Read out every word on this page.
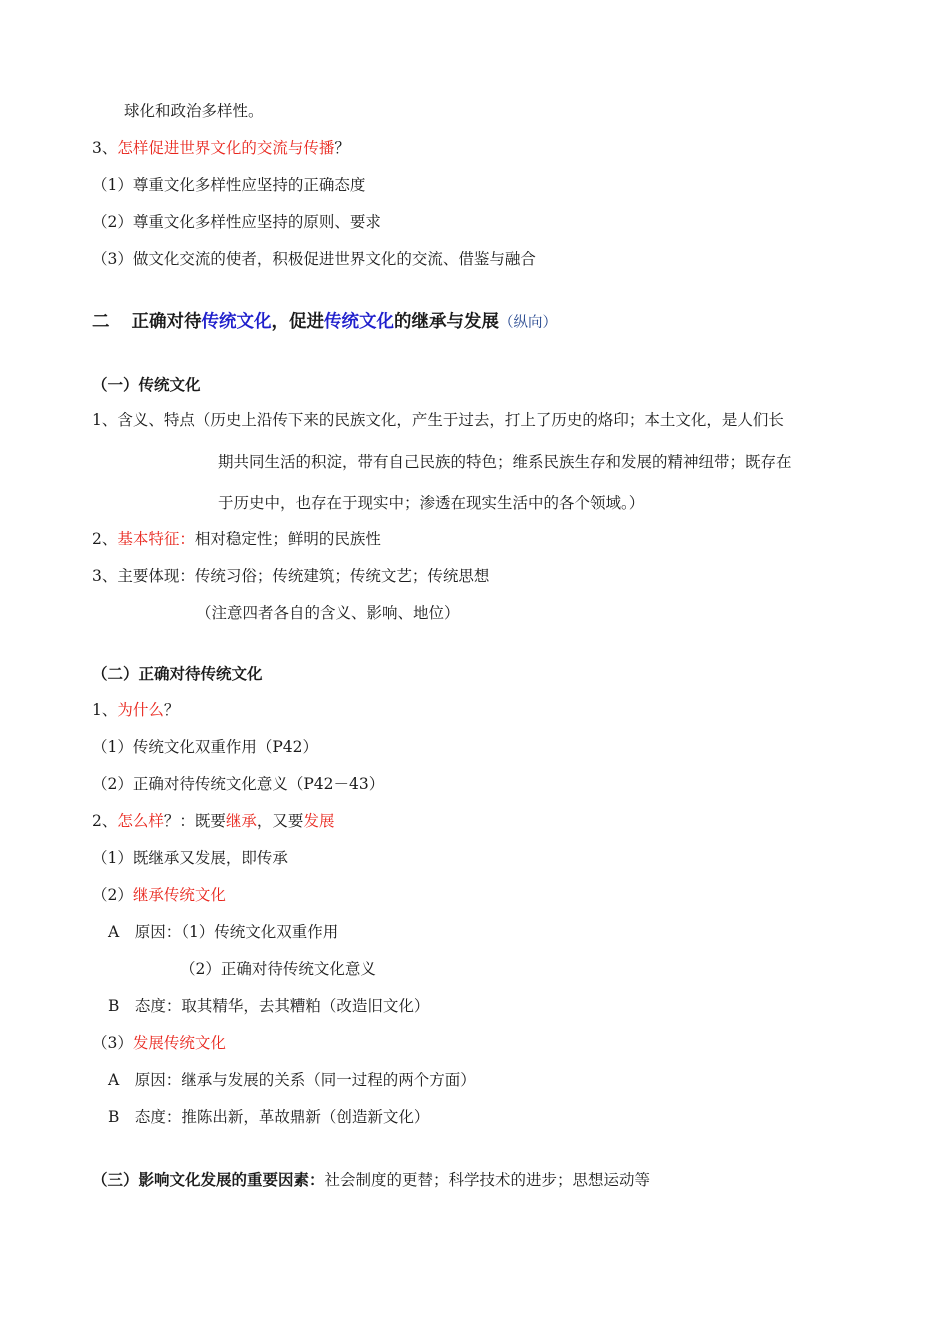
球化和政治多样性。
3、怎样促进世界文化的交流与传播？
（1）尊重文化多样性应坚持的正确态度
（2）尊重文化多样性应坚持的原则、要求
（3）做文化交流的使者，积极促进世界文化的交流、借鉴与融合
二 正确对待传统文化，促进传统文化的继承与发展（纵向）
（一）传统文化
1、含义、特点（历史上沿传下来的民族文化，产生于过去，打上了历史的烙印；本土文化，是人们长
期共同生活的积淀，带有自己民族的特色；维系民族生存和发展的精神纽带；既存在
于历史中，也存在于现实中；渗透在现实生活中的各个领域。）
2、基本特征：相对稳定性；鲜明的民族性
3、主要体现：传统习俗；传统建筑；传统文艺；传统思想
（注意四者各自的含义、影响、地位）
（二）正确对待传统文化
1、为什么？
（1）传统文化双重作用（P42）
（2）正确对待传统文化意义（P42－43）
2、怎么样？：既要继承，又要发展
（1）既继承又发展，即传承
（2）继承传统文化
A　原因：（1）传统文化双重作用
（2）正确对待传统文化意义
B　态度：取其精华，去其糟粕（改造旧文化）
（3）发展传统文化
A　原因：继承与发展的关系（同一过程的两个方面）
B　态度：推陈出新，革故鼎新（创造新文化）
（三）影响文化发展的重要因素：社会制度的更替；科学技术的进步；思想运动等
